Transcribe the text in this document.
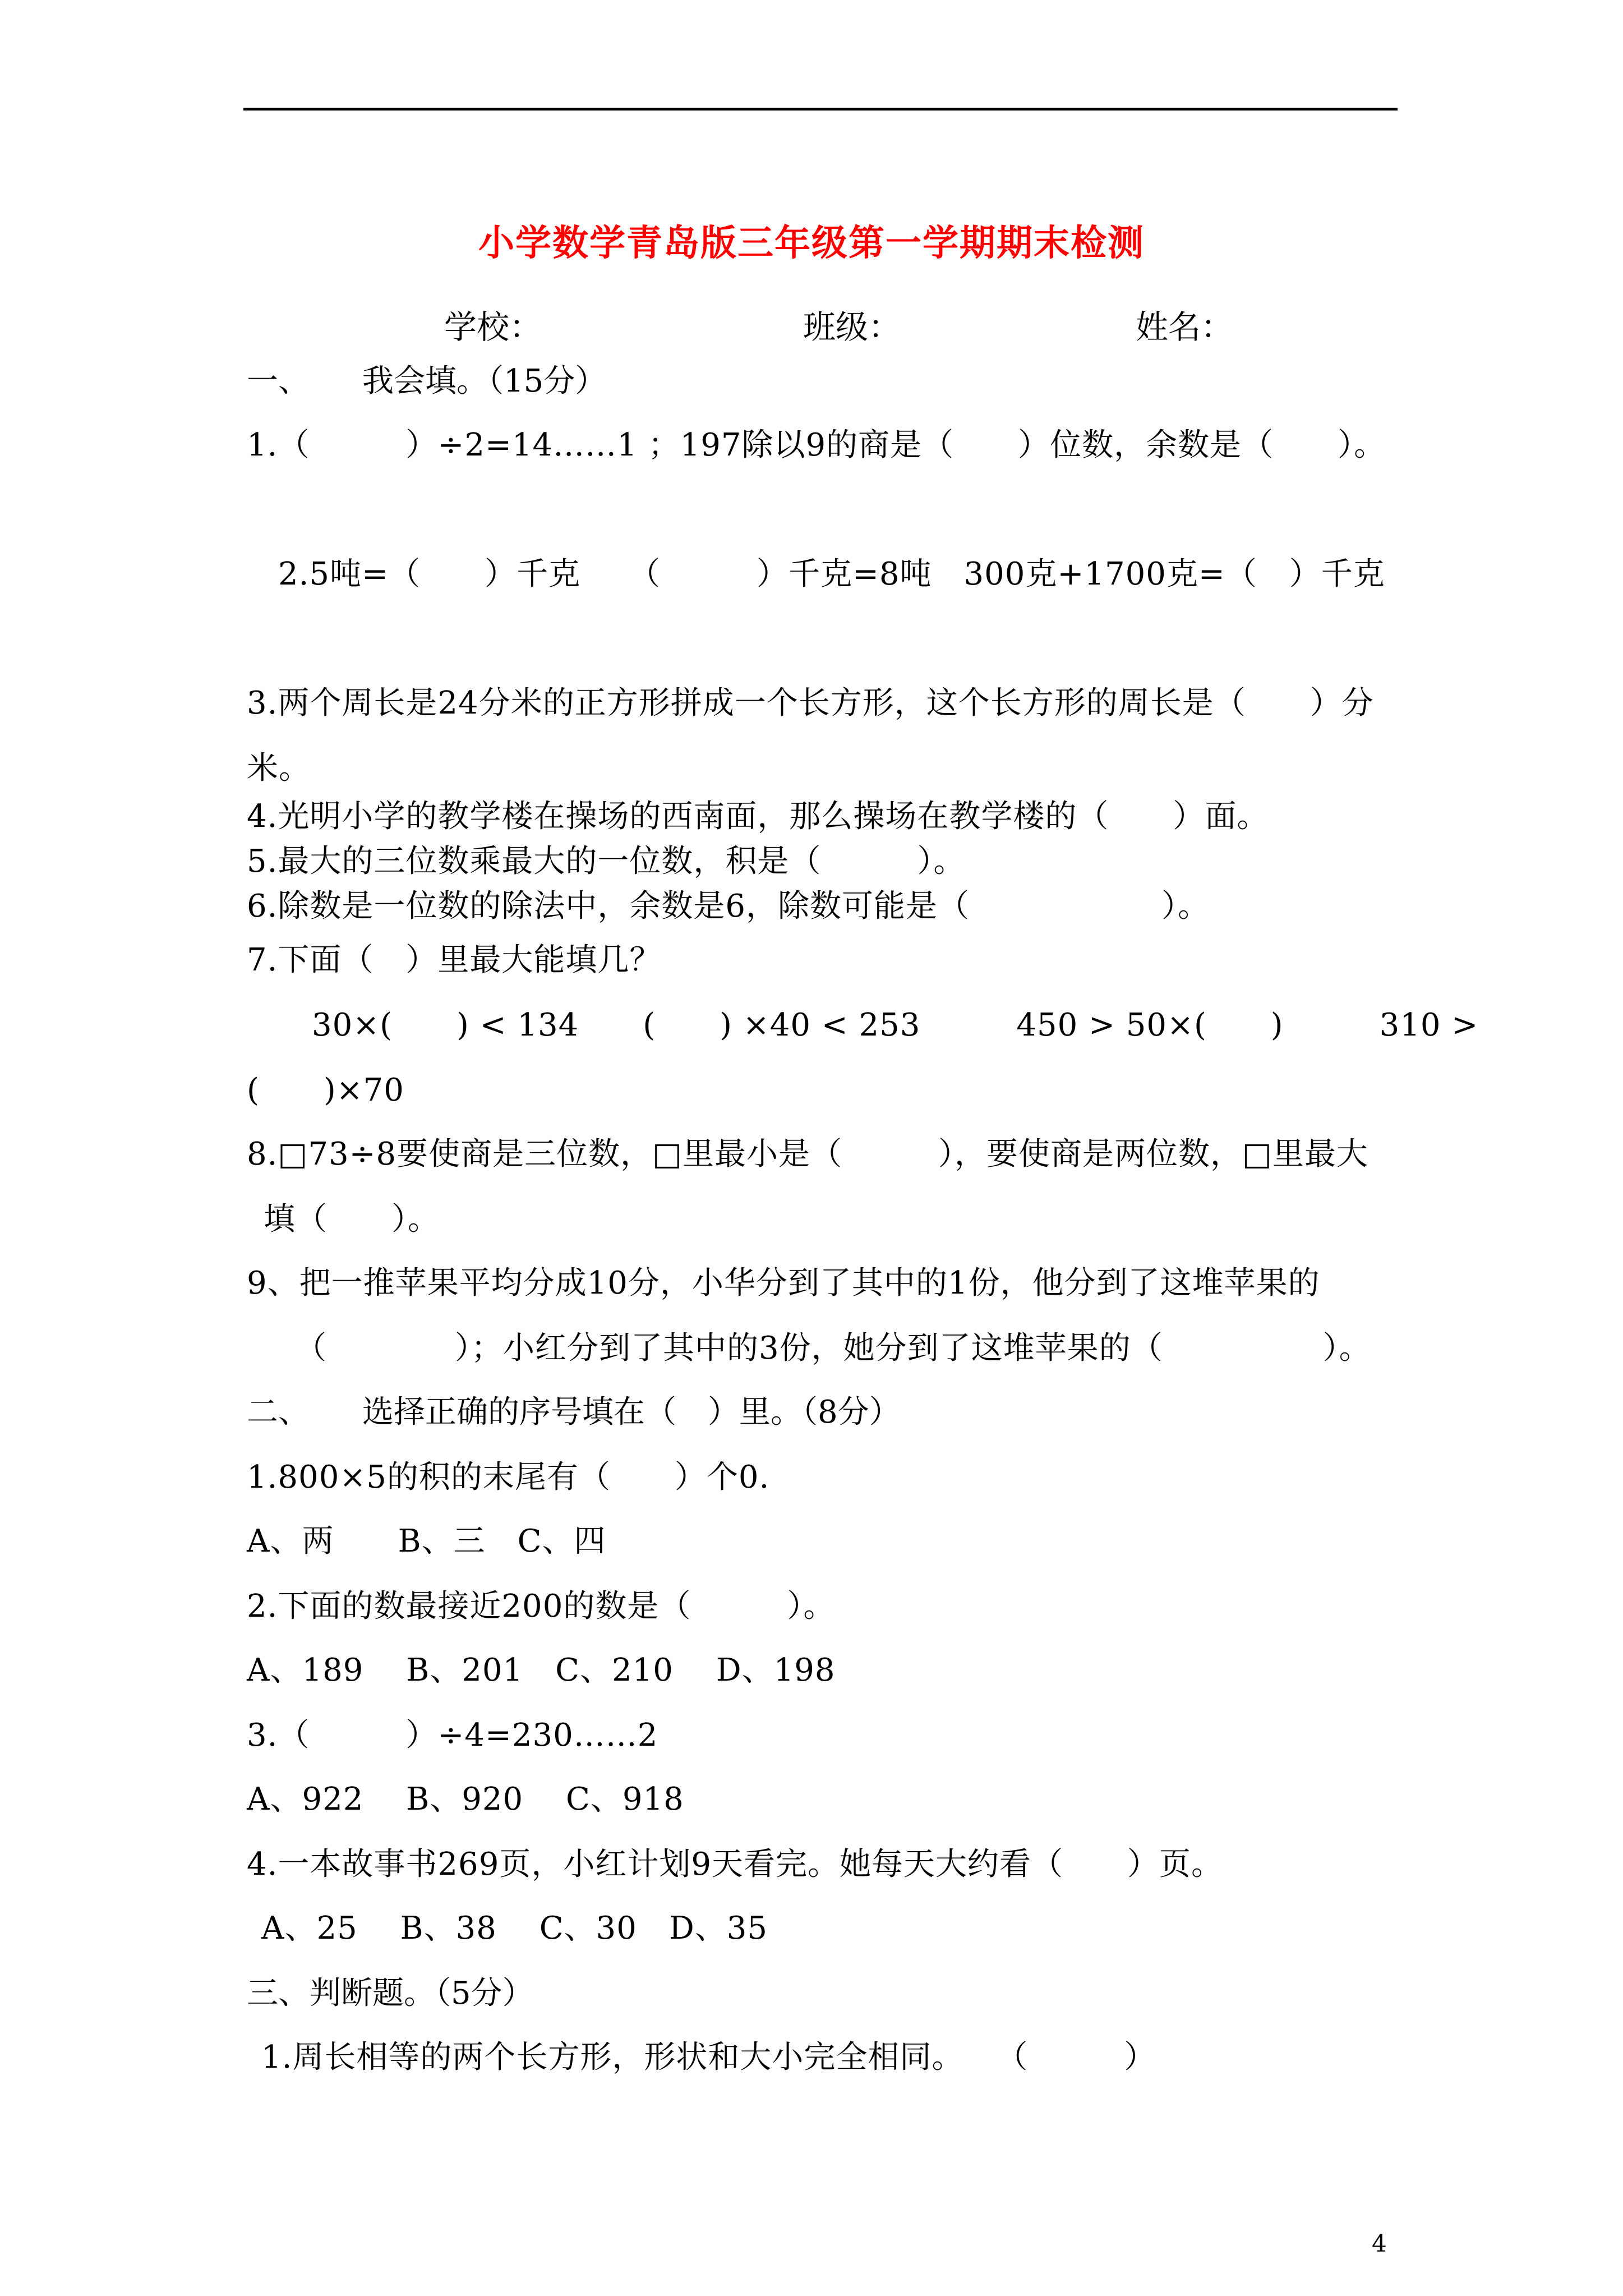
小学数学青岛版三年级第一学期期末检测
学校：	班级：	姓名：
一、 我会填。（15分）
1.（　　　）÷2=14……1 ；197除以9的商是（　　）位数，余数是（　　）。
2.5吨=（　　）千克　　（　　　）千克=8吨　300克+1700克=（　）千克
3.两个周长是24分米的正方形拼成一个长方形，这个长方形的周长是（　　）分
米。
4.光明小学的教学楼在操场的西南面，那么操场在教学楼的（　　）面。
5.最大的三位数乘最大的一位数，积是（　　　）。
6.除数是一位数的除法中，余数是6，除数可能是（　　　　　　）。
7.下面（　）里最大能填几？
30×(　　) < 134　　(　　) ×40 < 253　　　450 > 50×(　　)　　　310 >
(　　)×70
8.□73÷8要使商是三位数，□里最小是（　　　），要使商是两位数，□里最大
填（　　）。
9、把一推苹果平均分成10分，小华分到了其中的1份，他分到了这堆苹果的
（　　　　）；小红分到了其中的3份，她分到了这堆苹果的（　　　　　）。
二、 选择正确的序号填在（　）里。（8分）
1.800×5的积的末尾有（　　）个0.
A、两　　B、三　C、四
2.下面的数最接近200的数是（　　　）。
A、189　 B、201　C、210　 D、198
3.（　　　）÷4=230……2
A、922　 B、920　 C、918
4.一本故事书269页，小红计划9天看完。她每天大约看（　　）页。
A、25　 B、38　 C、30　D、35
三、判断题。（5分）
1.周长相等的两个长方形，形状和大小完全相同。　　（　　　）
4
